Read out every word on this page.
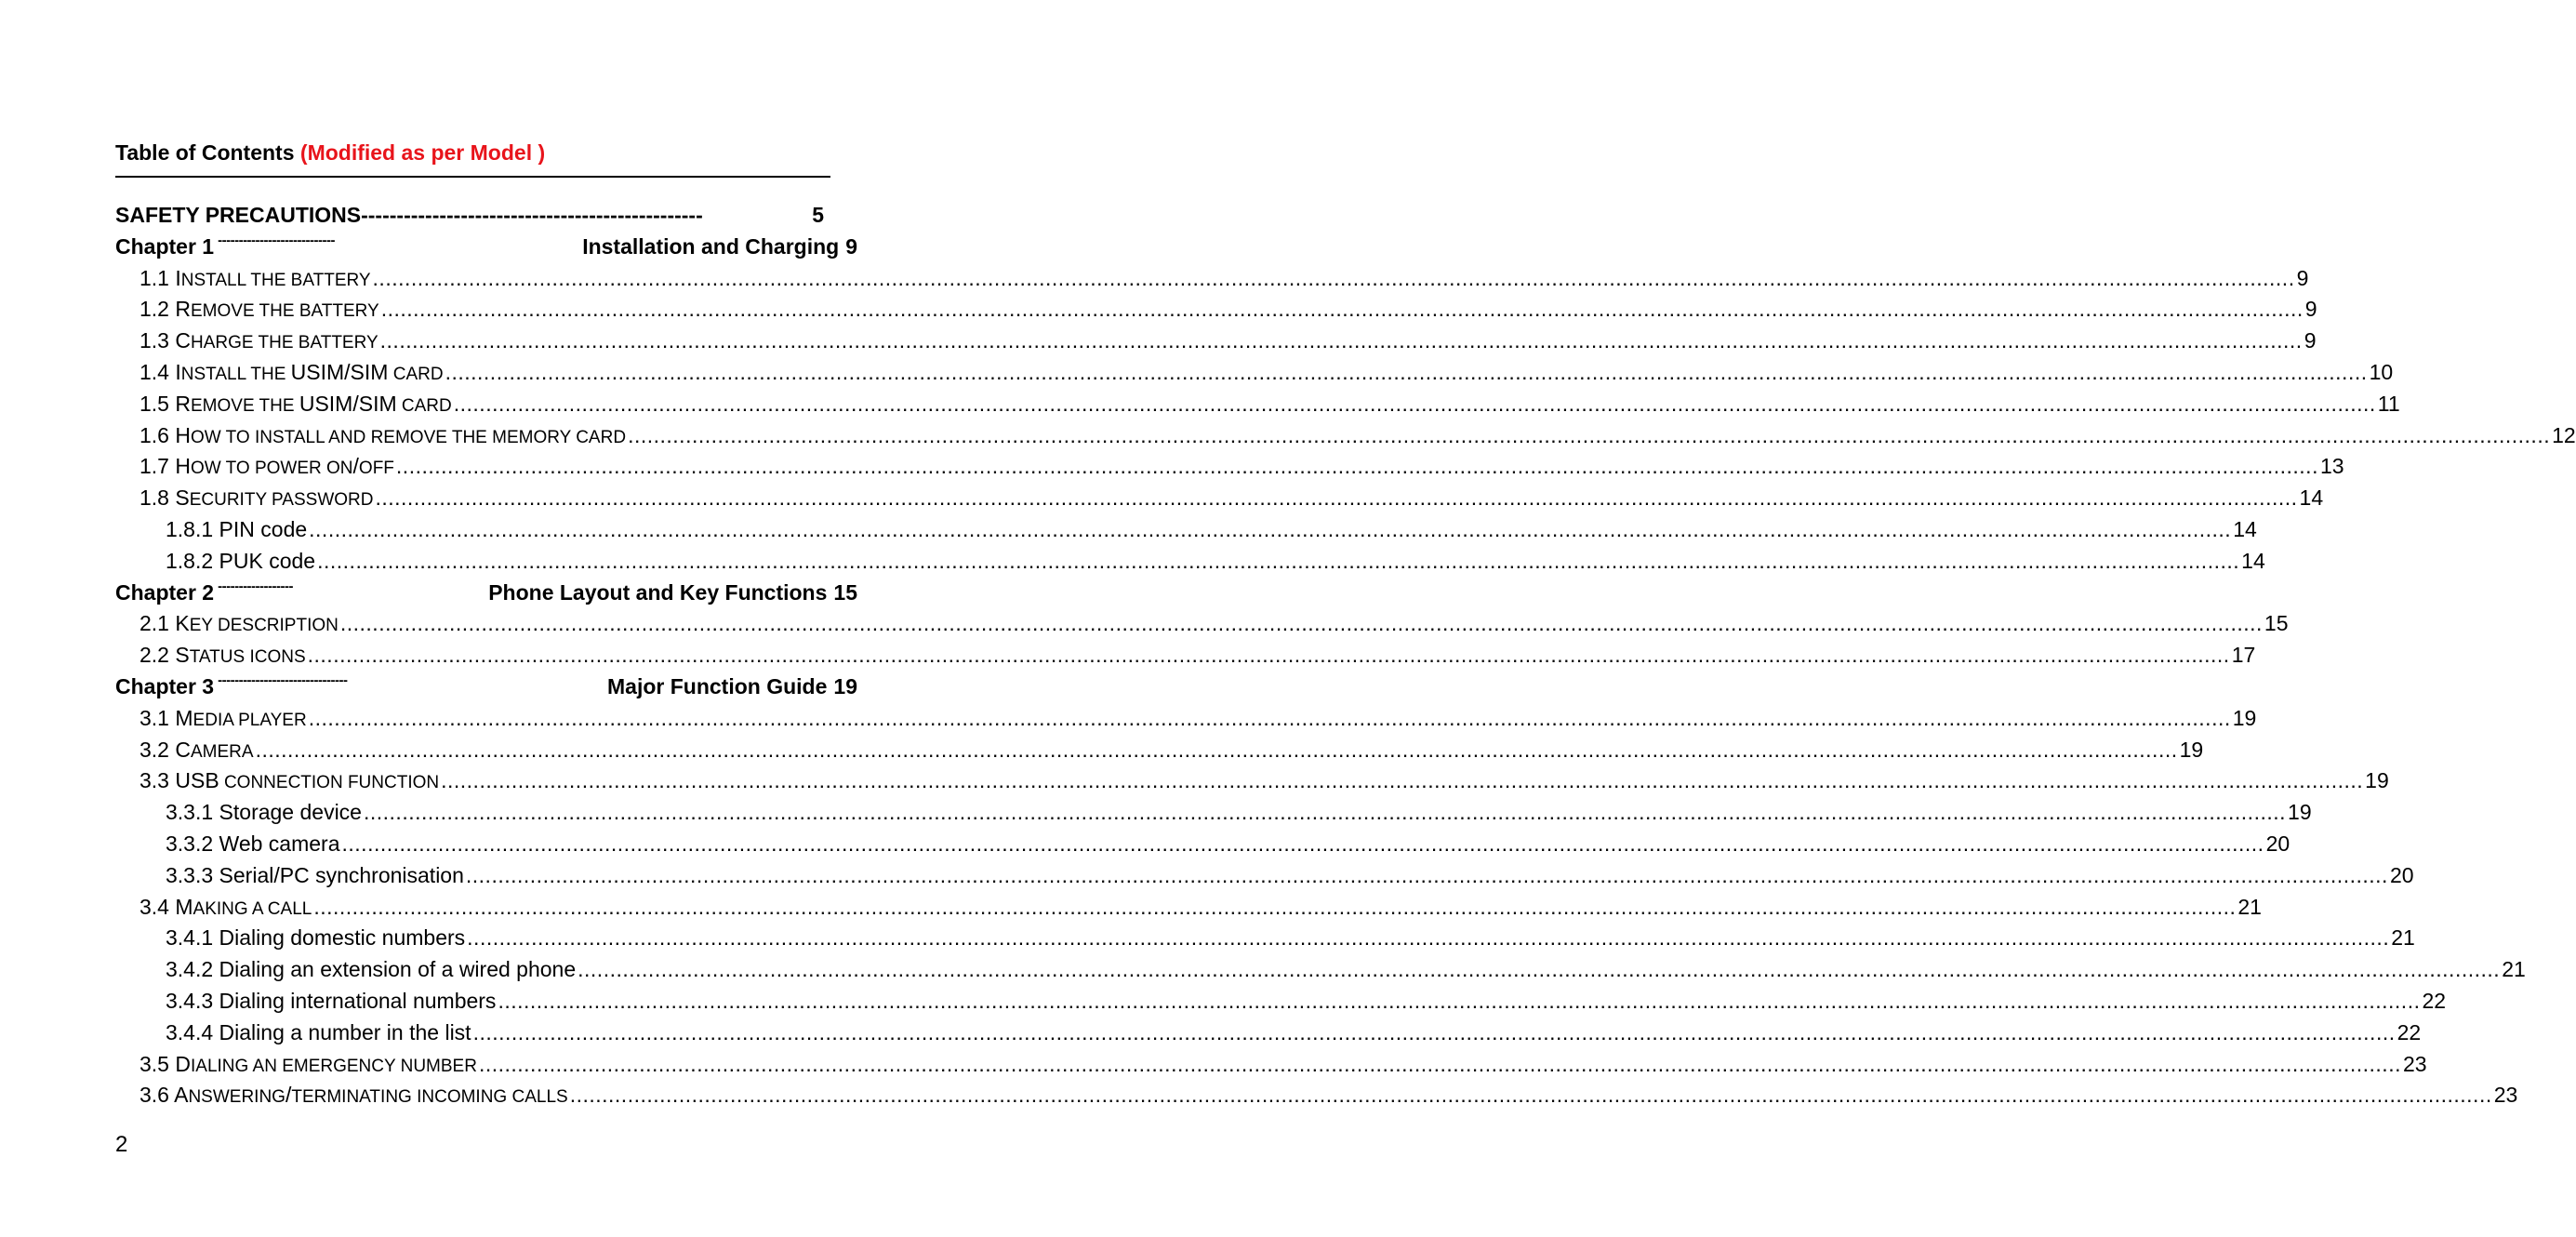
Table of Contents (Modified as per Model )
SAFETY PRECAUTIONS ------------------------------------------------	5
Chapter 1 ----------------------------	Installation and Charging 9
1.1 INSTALL THE BATTERY ............................................................................................................................................................................................................................................................................................................ 9
1.2 REMOVE THE BATTERY ............................................................................................................................................................................................................................................................................................................ 9
1.3 CHARGE THE BATTERY ............................................................................................................................................................................................................................................................................................................ 9
1.4 INSTALL THE USIM/SIM CARD ............................................................................................................................................................................................................................................................................................................ 10
1.5 REMOVE THE USIM/SIM CARD ............................................................................................................................................................................................................................................................................................................ 11
1.6 HOW TO INSTALL AND REMOVE THE MEMORY CARD ............................................................................................................................................................................................................................................................................................................ 12
1.7 HOW TO POWER ON/OFF ............................................................................................................................................................................................................................................................................................................ 13
1.8 SECURITY PASSWORD ............................................................................................................................................................................................................................................................................................................ 14
1.8.1 PIN code ............................................................................................................................................................................................................................................................................................................ 14
1.8.2 PUK code ............................................................................................................................................................................................................................................................................................................ 14
Chapter 2 ------------------	Phone Layout and Key Functions 15
2.1 KEY DESCRIPTION ............................................................................................................................................................................................................................................................................................................ 15
2.2 STATUS ICONS ............................................................................................................................................................................................................................................................................................................ 17
Chapter 3 -------------------------------	Major Function Guide 19
3.1 MEDIA PLAYER ............................................................................................................................................................................................................................................................................................................ 19
3.2 CAMERA ............................................................................................................................................................................................................................................................................................................ 19
3.3 USB CONNECTION FUNCTION ............................................................................................................................................................................................................................................................................................................ 19
3.3.1 Storage device ............................................................................................................................................................................................................................................................................................................ 19
3.3.2 Web camera ............................................................................................................................................................................................................................................................................................................ 20
3.3.3 Serial/PC synchronisation ............................................................................................................................................................................................................................................................................................................ 20
3.4 MAKING A CALL ............................................................................................................................................................................................................................................................................................................ 21
3.4.1 Dialing domestic numbers ............................................................................................................................................................................................................................................................................................................ 21
3.4.2 Dialing an extension of a wired phone ............................................................................................................................................................................................................................................................................................................ 21
3.4.3 Dialing international numbers ............................................................................................................................................................................................................................................................................................................ 22
3.4.4 Dialing a number in the list ............................................................................................................................................................................................................................................................................................................ 22
3.5 DIALING AN EMERGENCY NUMBER ............................................................................................................................................................................................................................................................................................................ 23
3.6 ANSWERING/TERMINATING INCOMING CALLS ............................................................................................................................................................................................................................................................................................................ 23
2
